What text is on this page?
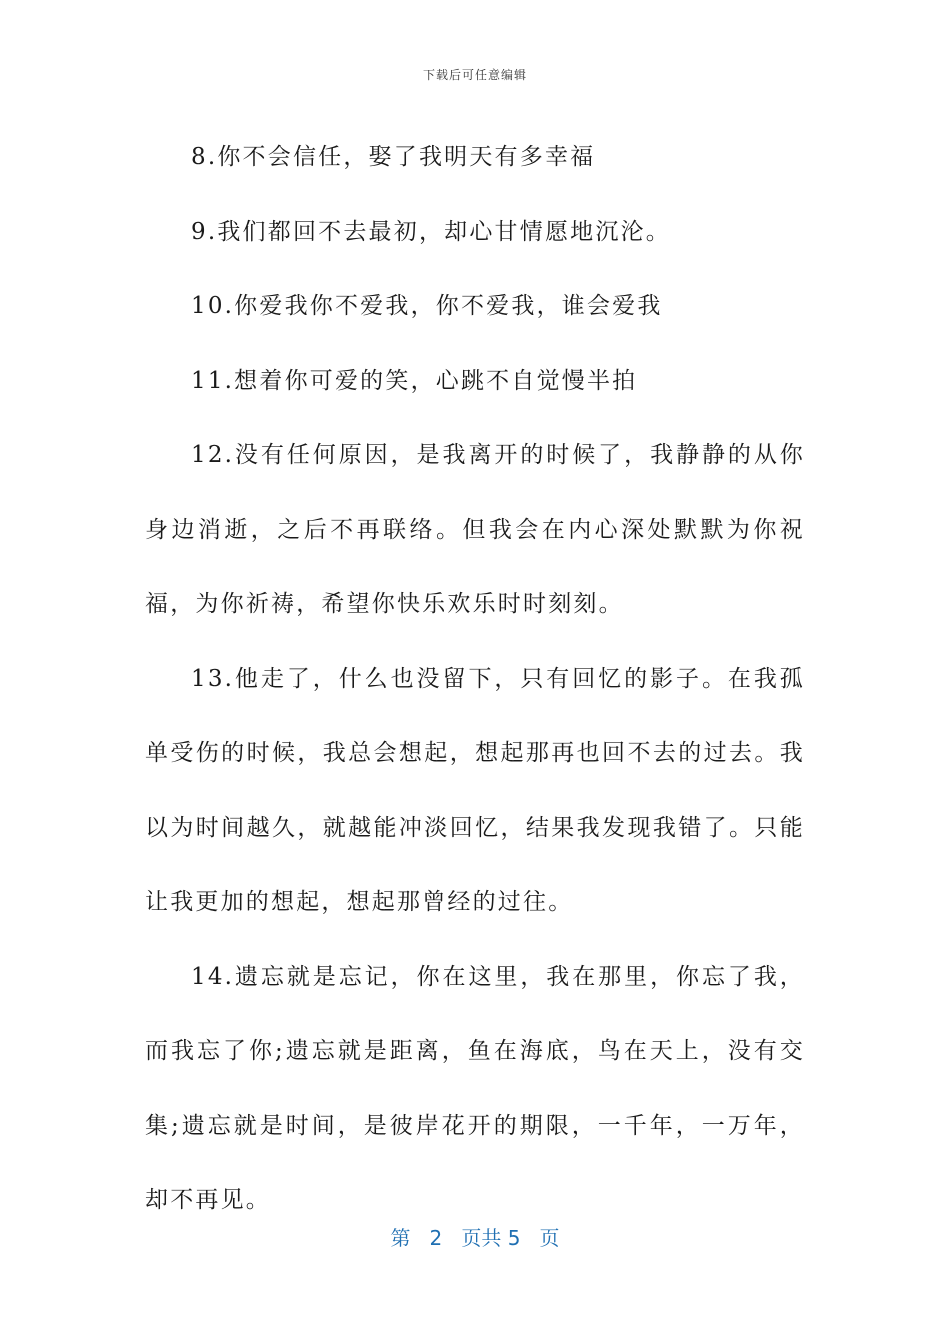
下载后可任意编辑

8.你不会信任，娶了我明天有多幸福

9.我们都回不去最初，却心甘情愿地沉沦。

10.你爱我你不爱我，你不爱我，谁会爱我

11.想着你可爱的笑，心跳不自觉慢半拍

12.没有任何原因，是我离开的时候了，我静静的从你身边消逝，之后不再联络。但我会在内心深处默默为你祝福，为你祈祷，希望你快乐欢乐时时刻刻。

13.他走了，什么也没留下，只有回忆的影子。在我孤单受伤的时候，我总会想起，想起那再也回不去的过去。我以为时间越久，就越能冲淡回忆，结果我发现我错了。只能让我更加的想起，想起那曾经的过往。

14.遗忘就是忘记，你在这里，我在那里，你忘了我，而我忘了你;遗忘就是距离，鱼在海底，鸟在天上，没有交集;遗忘就是时间，是彼岸花开的期限，一千年，一万年，却不再见。

第 2 页共 5 页
